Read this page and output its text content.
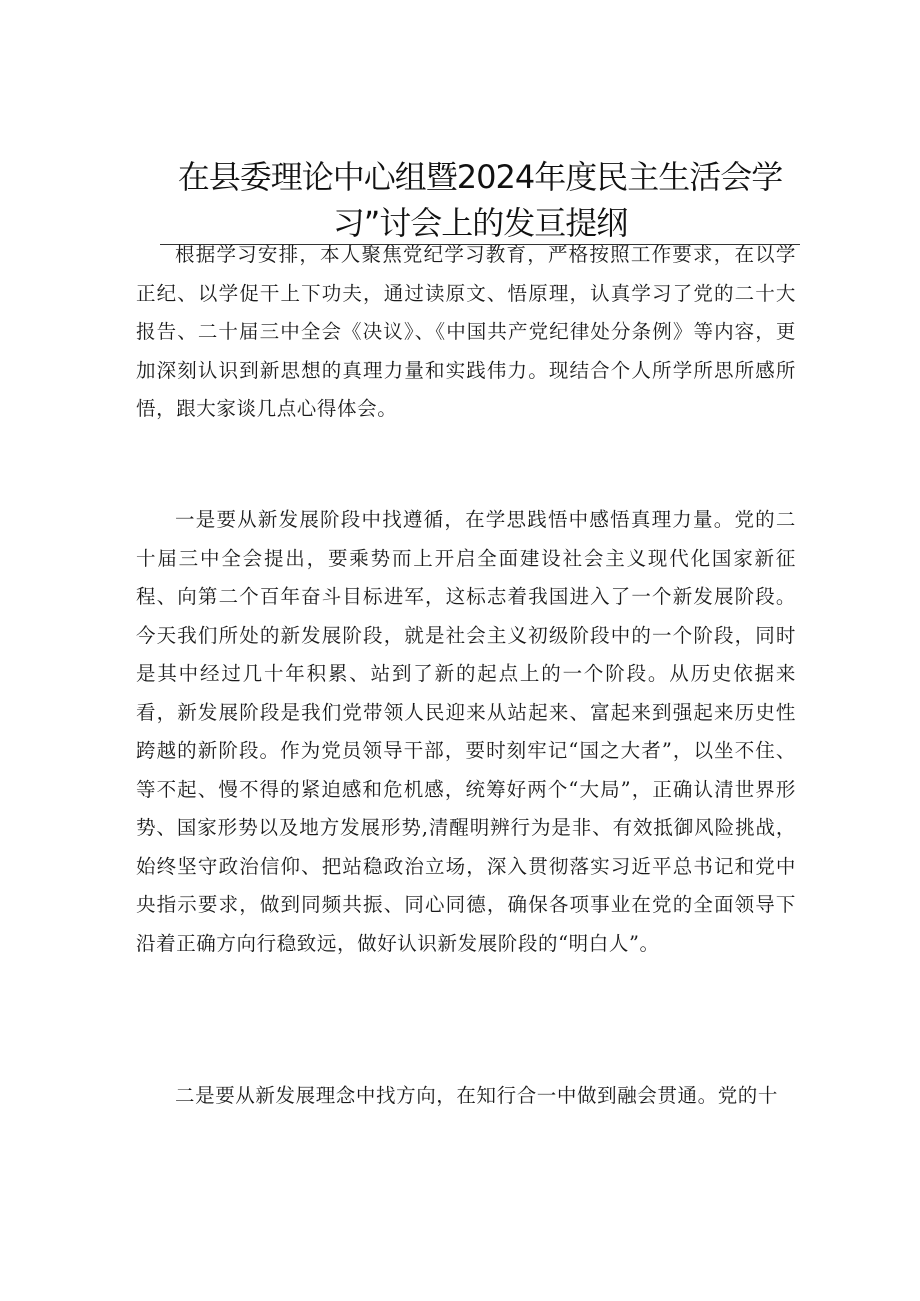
在县委理论中心组暨2024年度民主生活会学
习”讨会上的发亘提纲

根据学习安排，本人聚焦党纪学习教育，严格按照工作要求，在以学正纪、以学促干上下功夫，通过读原文、悟原理，认真学习了党的二十大报告、二十届三中全会《决议》、《中国共产党纪律处分条例》等内容，更加深刻认识到新思想的真理力量和实践伟力。现结合个人所学所思所感所悟，跟大家谈几点心得体会。

一是要从新发展阶段中找遵循，在学思践悟中感悟真理力量。党的二十届三中全会提出，要乘势而上开启全面建设社会主义现代化国家新征程、向第二个百年奋斗目标进军，这标志着我国进入了一个新发展阶段。今天我们所处的新发展阶段，就是社会主义初级阶段中的一个阶段，同时是其中经过几十年积累、站到了新的起点上的一个阶段。从历史依据来看，新发展阶段是我们党带领人民迎来从站起来、富起来到强起来历史性跨越的新阶段。作为党员领导干部，要时刻牢记“国之大者”，以坐不住、等不起、慢不得的紧迫感和危机感，统筹好两个“大局”，正确认清世界形势、国家形势以及地方发展形势,清醒明辨行为是非、有效抵御风险挑战，始终坚守政治信仰、把站稳政治立场，深入贯彻落实习近平总书记和党中央指示要求，做到同频共振、同心同德，确保各项事业在党的全面领导下沿着正确方向行稳致远，做好认识新发展阶段的“明白人”。

二是要从新发展理念中找方向，在知行合一中做到融会贯通。党的十
